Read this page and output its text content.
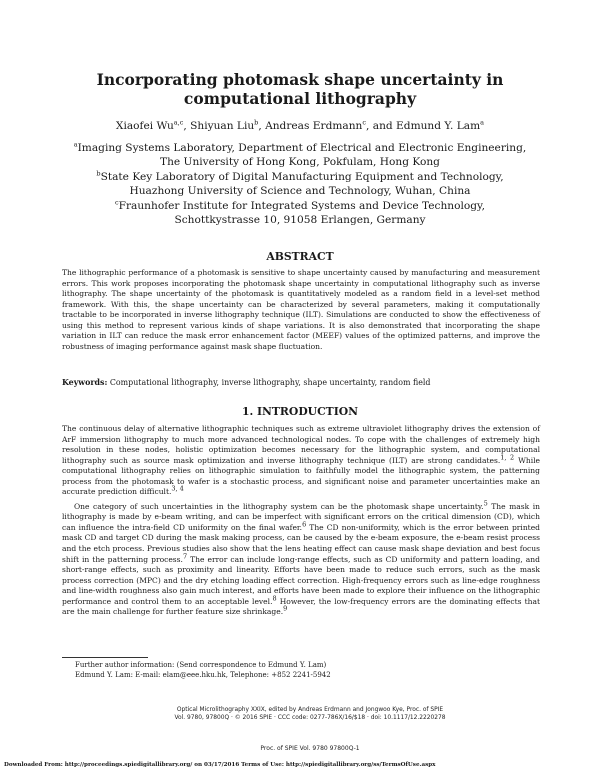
Incorporating photomask shape uncertainty in computational lithography
Xiaofei Wu$^{a,c}$, Shiyuan Liu$^b$, Andreas Erdmann$^c$, and Edmund Y. Lam$^a$
$^a$Imaging Systems Laboratory, Department of Electrical and Electronic Engineering,
The University of Hong Kong, Pokfulam, Hong Kong
$^b$State Key Laboratory of Digital Manufacturing Equipment and Technology,
Huazhong University of Science and Technology, Wuhan, China
$^c$Fraunhofer Institute for Integrated Systems and Device Technology,
Schottkystrasse 10, 91058 Erlangen, Germany
ABSTRACT

The lithographic performance of a photomask is sensitive to shape uncertainty caused by manufacturing and measurement errors. This work proposes incorporating the photomask shape uncertainty in computational lithography such as inverse lithography. The shape uncertainty of the photomask is quantitatively modeled as a random field in a level-set method framework. With this, the shape uncertainty can be characterized by several parameters, making it computationally tractable to be incorporated in inverse lithography technique (ILT). Simulations are conducted to show the effectiveness of using this method to represent various kinds of shape variations. It is also demonstrated that incorporating the shape variation in ILT can reduce the mask error enhancement factor (MEEF) values of the optimized patterns, and improve the robustness of imaging performance against mask shape fluctuation.

Keywords: Computational lithography, inverse lithography, shape uncertainty, random field
1. INTRODUCTION

The continuous delay of alternative lithographic techniques such as extreme ultraviolet lithography drives the extension of ArF immersion lithography to much more advanced technological nodes. To cope with the challenges of extremely high resolution in these nodes, holistic optimization becomes necessary for the lithographic system, and computational lithography such as source mask optimization and inverse lithography technique (ILT) are strong candidates.$^{1, 2}$ While computational lithography relies on lithographic simulation to faithfully model the lithographic system, the patterning process from the photomask to wafer is a stochastic process, and significant noise and parameter uncertainties make an accurate prediction difficult.$^{3, 4}$

One category of such uncertainties in the lithography system can be the photomask shape uncertainty.$^5$ The mask in lithography is made by e-beam writing, and can be imperfect with significant errors on the critical dimension (CD), which can influence the intra-field CD uniformity on the final wafer.$^6$ The CD non-uniformity, which is the error between printed mask CD and target CD during the mask making process, can be caused by the e-beam exposure, the e-beam resist process and the etch process. Previous studies also show that the lens heating effect can cause mask shape deviation and best focus shift in the patterning process.$^7$ The error can include long-range effects, such as CD uniformity and pattern loading, and short-range effects, such as proximity and linearity. Efforts have been made to reduce such errors, such as the mask process correction (MPC) and the dry etching loading effect correction. High-frequency errors such as line-edge roughness and line-width roughness also gain much interest, and efforts have been made to explore their influence on the lithographic performance and control them to an acceptable level.$^8$ However, the low-frequency errors are the dominating effects that are the main challenge for further feature size shrinkage.$^9$

Further author information: (Send correspondence to Edmund Y. Lam)
Edmund Y. Lam: E-mail: elam@eee.hku.hk, Telephone: +852 2241-5942
Optical Microlithography XXIX, edited by Andreas Erdmann and Jongwoo Kye, Proc. of SPIE
Vol. 9780, 97800Q · © 2016 SPIE · CCC code: 0277-786X/16/$18 · doi: 10.1117/12.2220278
Proc. of SPIE Vol. 9780 97800Q-1
Downloaded From: http://proceedings.spiedigitallibrary.org/ on 03/17/2016 Terms of Use: http://spiedigitallibrary.org/ss/TermsOfUse.aspx
